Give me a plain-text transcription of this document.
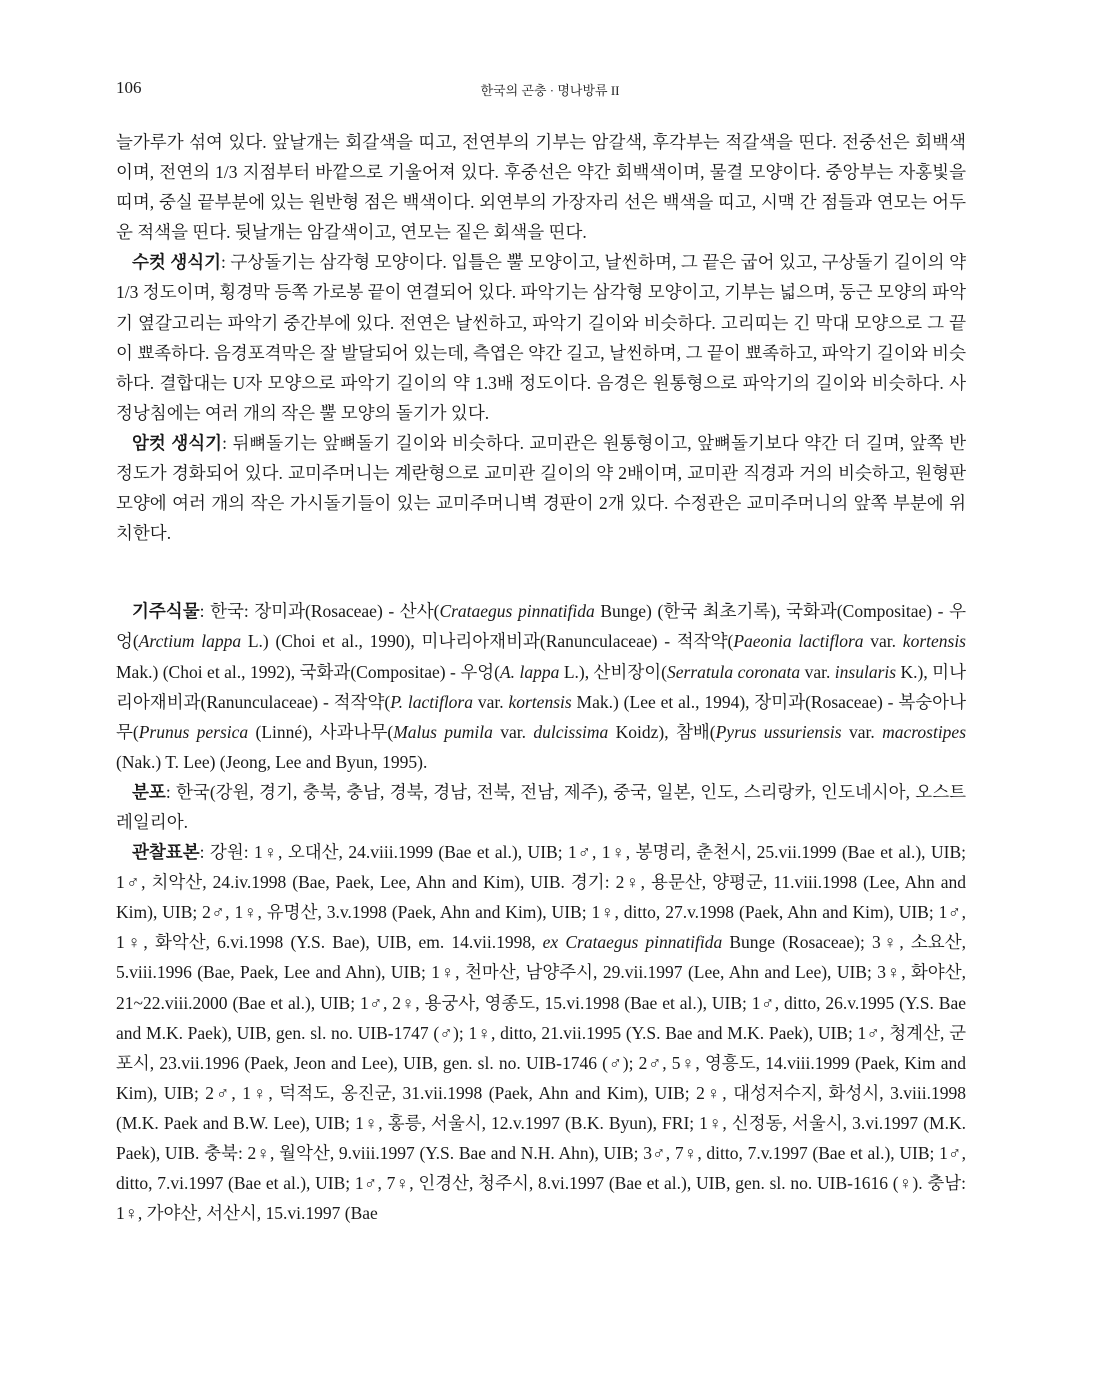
106	한국의 곤충 · 명나방류 II

늘가루가 섞여 있다. 앞날개는 회갈색을 띠고, 전연부의 기부는 암갈색, 후각부는 적갈색을 띤다. 전중선은 회백색이며, 전연의 1/3 지점부터 바깥으로 기울어져 있다. 후중선은 약간 회백색이며, 물결 모양이다. 중앙부는 자홍빛을 띠며, 중실 끝부분에 있는 원반형 점은 백색이다. 외연부의 가장자리 선은 백색을 띠고, 시맥 간 점들과 연모는 어두운 적색을 띤다. 뒷날개는 암갈색이고, 연모는 짙은 회색을 띤다.

수컷 생식기: 구상돌기는 삼각형 모양이다. 입틀은 뿔 모양이고, 날씬하며, 그 끝은 굽어 있고, 구상돌기 길이의 약 1/3 정도이며, 횡경막 등쪽 가로봉 끝이 연결되어 있다. 파악기는 삼각형 모양이고, 기부는 넓으며, 둥근 모양의 파악기 옆갈고리는 파악기 중간부에 있다. 전연은 날씬하고, 파악기 길이와 비슷하다. 고리띠는 긴 막대 모양으로 그 끝이 뾰족하다. 음경포격막은 잘 발달되어 있는데, 측엽은 약간 길고, 날씬하며, 그 끝이 뾰족하고, 파악기 길이와 비슷하다. 결합대는 U자 모양으로 파악기 길이의 약 1.3배 정도이다. 음경은 원통형으로 파악기의 길이와 비슷하다. 사정낭침에는 여러 개의 작은 뿔 모양의 돌기가 있다.

암컷 생식기: 뒤뼈돌기는 앞뼈돌기 길이와 비슷하다. 교미관은 원통형이고, 앞뼈돌기보다 약간 더 길며, 앞쪽 반 정도가 경화되어 있다. 교미주머니는 계란형으로 교미관 길이의 약 2배이며, 교미관 직경과 거의 비슷하고, 원형판 모양에 여러 개의 작은 가시돌기들이 있는 교미주머니벽 경판이 2개 있다. 수정관은 교미주머니의 앞쪽 부분에 위치한다.

기주식물: 한국: 장미과(Rosaceae) - 산사(Crataegus pinnatifida Bunge) (한국 최초기록), 국화과(Compositae) - 우엉(Arctium lappa L.) (Choi et al., 1990), 미나리아재비과(Ranunculaceae) - 적작약(Paeonia lactiflora var. kortensis Mak.) (Choi et al., 1992), 국화과(Compositae) - 우엉(A. lappa L.), 산비장이(Serratula coronata var. insularis K.), 미나리아재비과(Ranunculaceae) - 적작약(P. lactiflora var. kortensis Mak.) (Lee et al., 1994), 장미과(Rosaceae) - 복숭아나무(Prunus persica (Linné), 사과나무(Malus pumila var. dulcissima Koidz), 참배(Pyrus ussuriensis var. macrostipes (Nak.) T. Lee) (Jeong, Lee and Byun, 1995).

분포: 한국(강원, 경기, 충북, 충남, 경북, 경남, 전북, 전남, 제주), 중국, 일본, 인도, 스리랑카, 인도네시아, 오스트레일리아.

관찰표본: 강원: 1♀, 오대산, 24.viii.1999 (Bae et al.), UIB; 1♂, 1♀, 봉명리, 춘천시, 25.vii.1999 (Bae et al.), UIB; 1♂, 치악산, 24.iv.1998 (Bae, Paek, Lee, Ahn and Kim), UIB. 경기: 2♀, 용문산, 양평군, 11.viii.1998 (Lee, Ahn and Kim), UIB; 2♂, 1♀, 유명산, 3.v.1998 (Paek, Ahn and Kim), UIB; 1♀, ditto, 27.v.1998 (Paek, Ahn and Kim), UIB; 1♂, 1♀, 화악산, 6.vi.1998 (Y.S. Bae), UIB, em. 14.vii.1998, ex Crataegus pinnatifida Bunge (Rosaceae); 3♀, 소요산, 5.viii.1996 (Bae, Paek, Lee and Ahn), UIB; 1♀, 천마산, 남양주시, 29.vii.1997 (Lee, Ahn and Lee), UIB; 3♀, 화야산, 21~22.viii.2000 (Bae et al.), UIB; 1♂, 2♀, 용궁사, 영종도, 15.vi.1998 (Bae et al.), UIB; 1♂, ditto, 26.v.1995 (Y.S. Bae and M.K. Paek), UIB, gen. sl. no. UIB-1747 (♂); 1♀, ditto, 21.vii.1995 (Y.S. Bae and M.K. Paek), UIB; 1♂, 청계산, 군포시, 23.vii.1996 (Paek, Jeon and Lee), UIB, gen. sl. no. UIB-1746 (♂); 2♂, 5♀, 영흥도, 14.viii.1999 (Paek, Kim and Kim), UIB; 2♂, 1♀, 덕적도, 옹진군, 31.vii.1998 (Paek, Ahn and Kim), UIB; 2♀, 대성저수지, 화성시, 3.viii.1998 (M.K. Paek and B.W. Lee), UIB; 1♀, 홍릉, 서울시, 12.v.1997 (B.K. Byun), FRI; 1♀, 신정동, 서울시, 3.vi.1997 (M.K. Paek), UIB. 충북: 2♀, 월악산, 9.viii.1997 (Y.S. Bae and N.H. Ahn), UIB; 3♂, 7♀, ditto, 7.v.1997 (Bae et al.), UIB; 1♂, ditto, 7.vi.1997 (Bae et al.), UIB; 1♂, 7♀, 인경산, 청주시, 8.vi.1997 (Bae et al.), UIB, gen. sl. no. UIB-1616 (♀). 충남: 1♀, 가야산, 서산시, 15.vi.1997 (Bae
